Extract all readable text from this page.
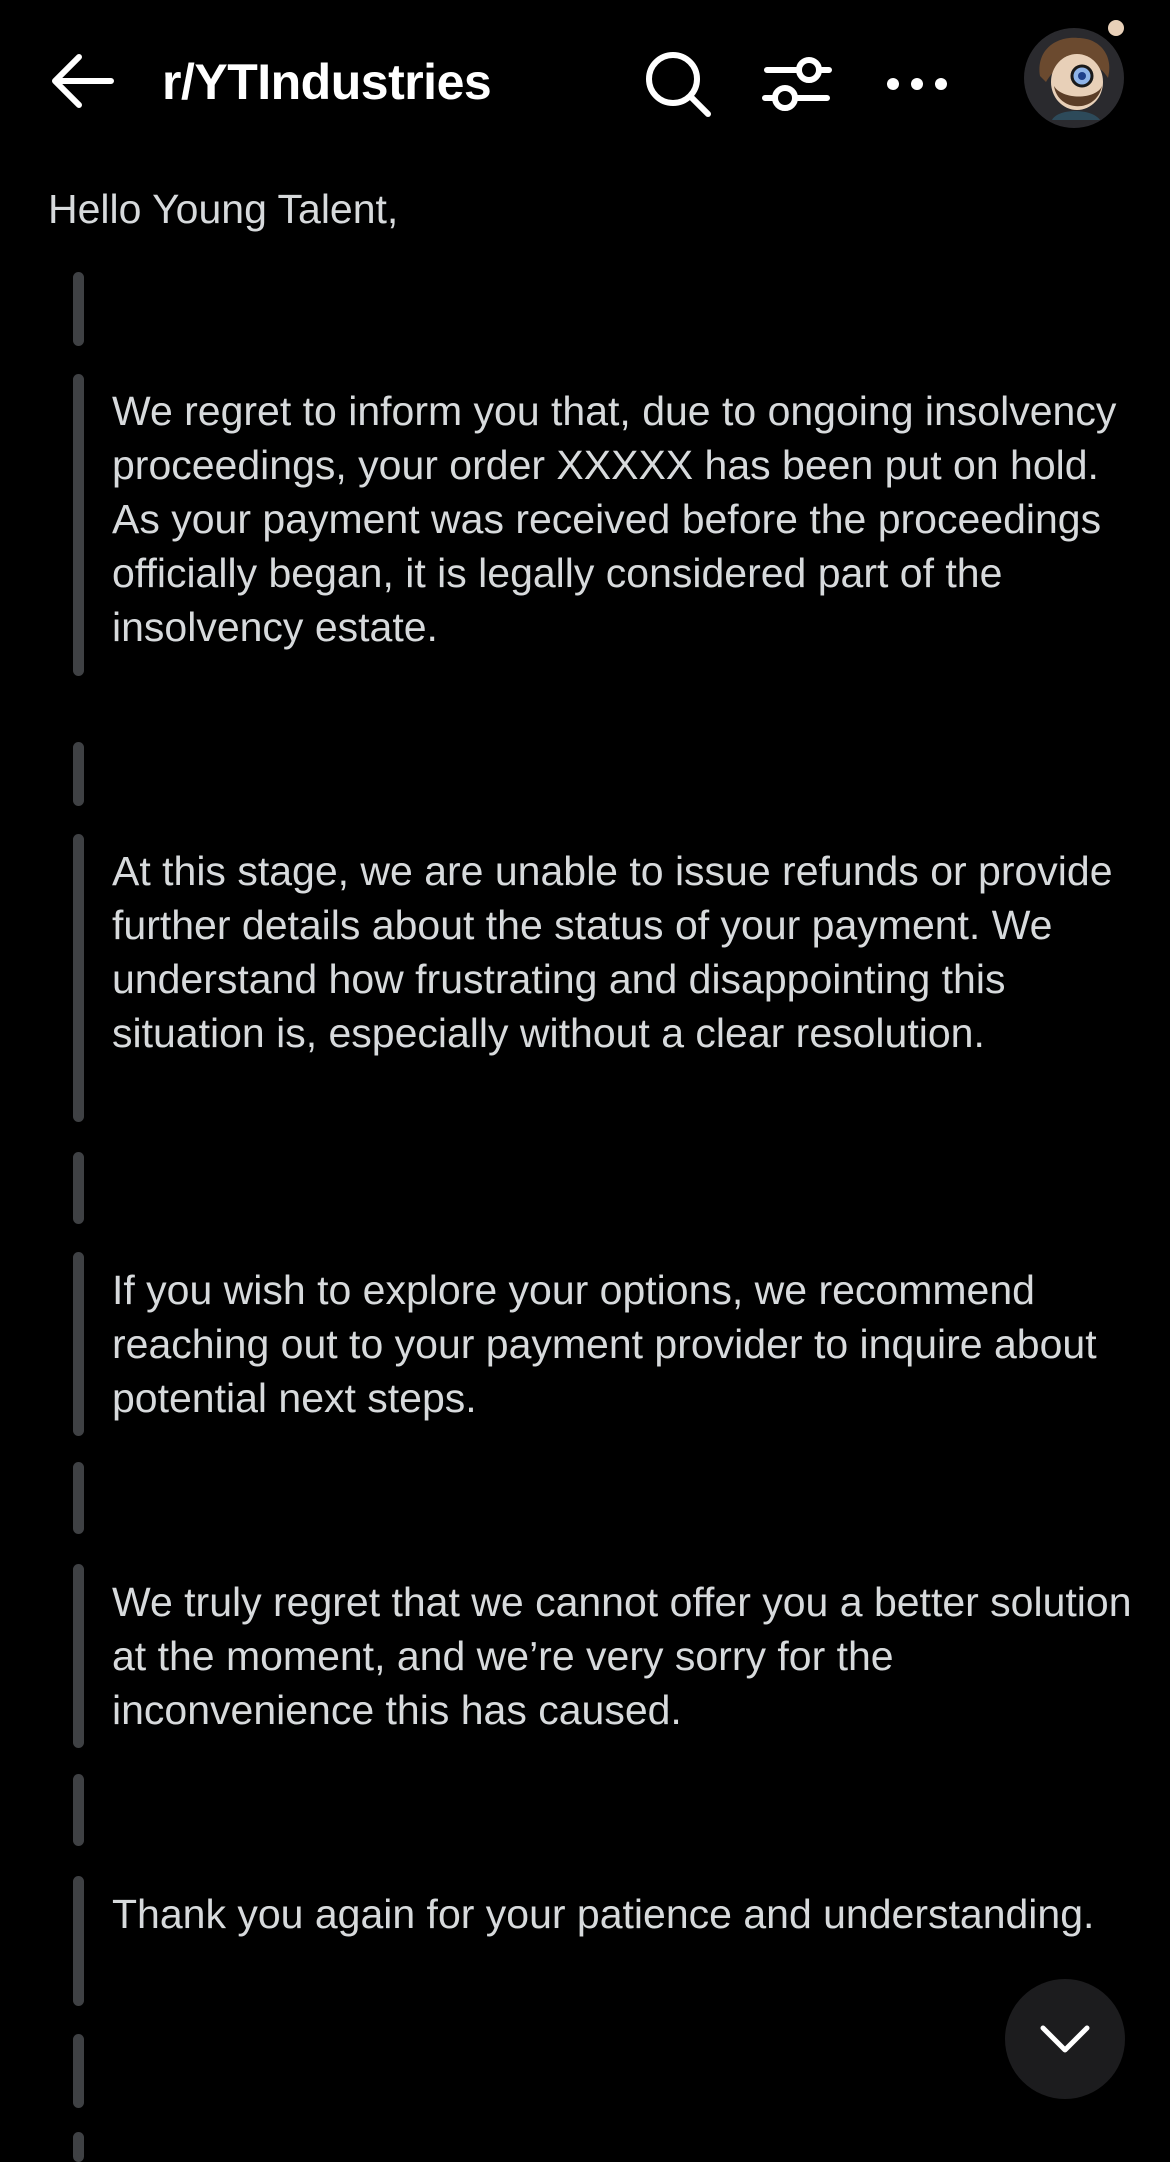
r/YTIndustries
Hello Young Talent,
We regret to inform you that, due to ongoing insolvency proceedings, your order XXXXX has been put on hold. As your payment was received before the proceedings officially began, it is legally considered part of the insolvency estate.
At this stage, we are unable to issue refunds or provide further details about the status of your payment. We understand how frustrating and disappointing this situation is, especially without a clear resolution.
If you wish to explore your options, we recommend reaching out to your payment provider to inquire about potential next steps.
We truly regret that we cannot offer you a better solution at the moment, and we’re very sorry for the inconvenience this has caused.
Thank you again for your patience and understanding.
